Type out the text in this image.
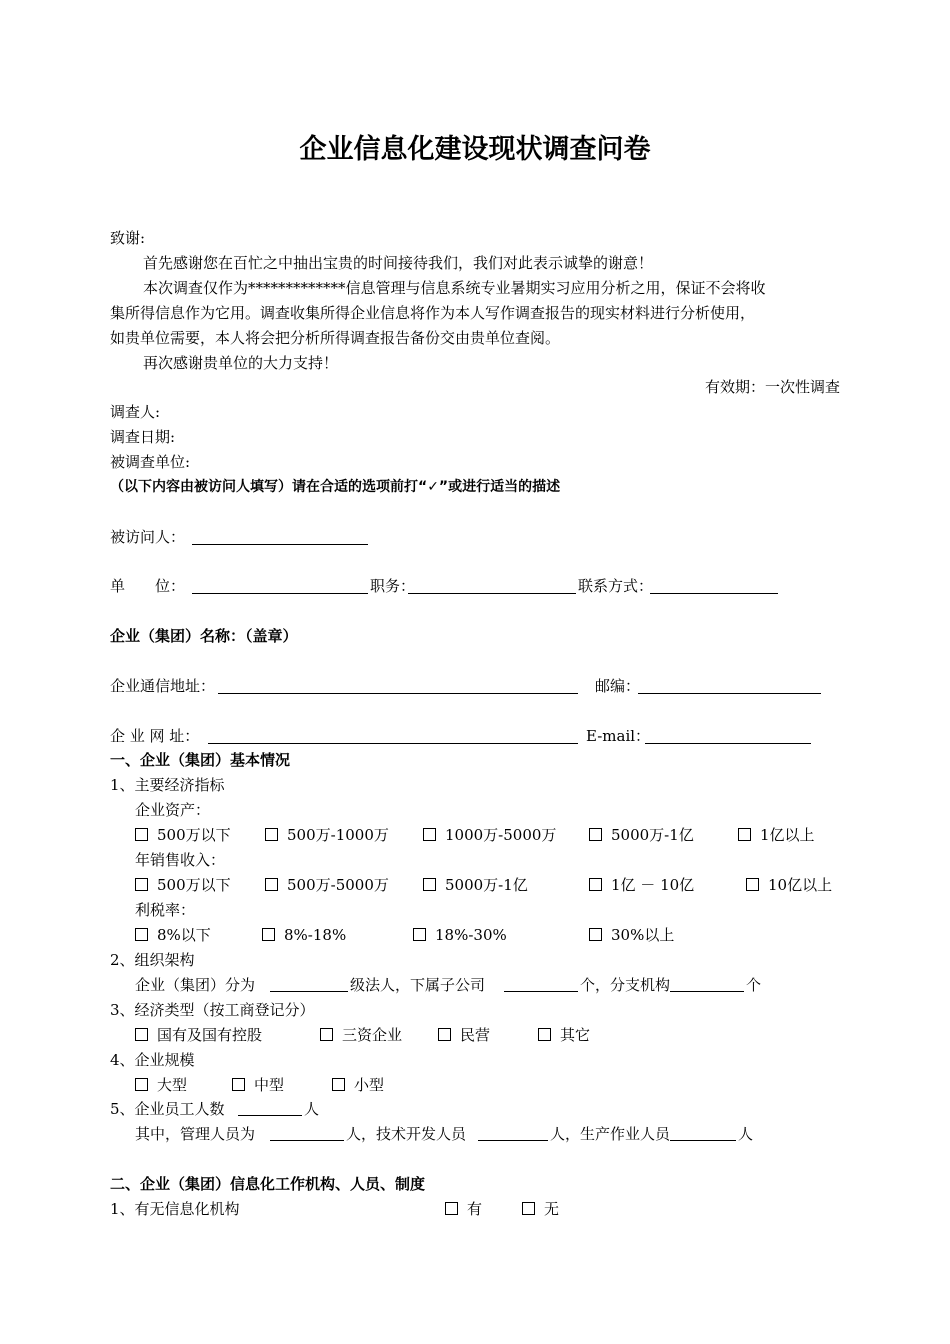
企业信息化建设现状调查问卷
致谢:
首先感谢您在百忙之中抽出宝贵的时间接待我们，我们对此表示诚挚的谢意！
本次调查仅作为*************信息管理与信息系统专业暑期实习应用分析之用，保证不会将收
集所得信息作为它用。调查收集所得企业信息将作为本人写作调查报告的现实材料进行分析使用，
如贵单位需要，本人将会把分析所得调查报告备份交由贵单位查阅。
再次感谢贵单位的大力支持！
有效期：一次性调查
调查人:
调查日期:
被调查单位:
（以下内容由被访问人填写）请在合适的选项前打“✓”或进行适当的描述
被访问人：
单　　位：	职务：	联系方式：
企业（集团）名称：（盖章）
企业通信地址：	邮编：
企 业 网 址：	E-mail：
一、企业（集团）基本情况
1、主要经济指标
企业资产：
500万以下	500万-1000万	1000万-5000万	5000万-1亿	1亿以上
年销售收入：
500万以下	500万-5000万	5000万-1亿	1亿 － 10亿	10亿以上
利税率：
8%以下	8%-18%	18%-30%	30%以上
2、组织架构
企业（集团）分为	级法人，下属子公司	个，分支机构	个
3、经济类型（按工商登记分）
国有及国有控股	三资企业	民营	其它
4、企业规模
大型	中型	小型
5、企业员工人数	人
其中，管理人员为	人，技术开发人员	人，生产作业人员	人
二、企业（集团）信息化工作机构、人员、制度
1、有无信息化机构	有	无
